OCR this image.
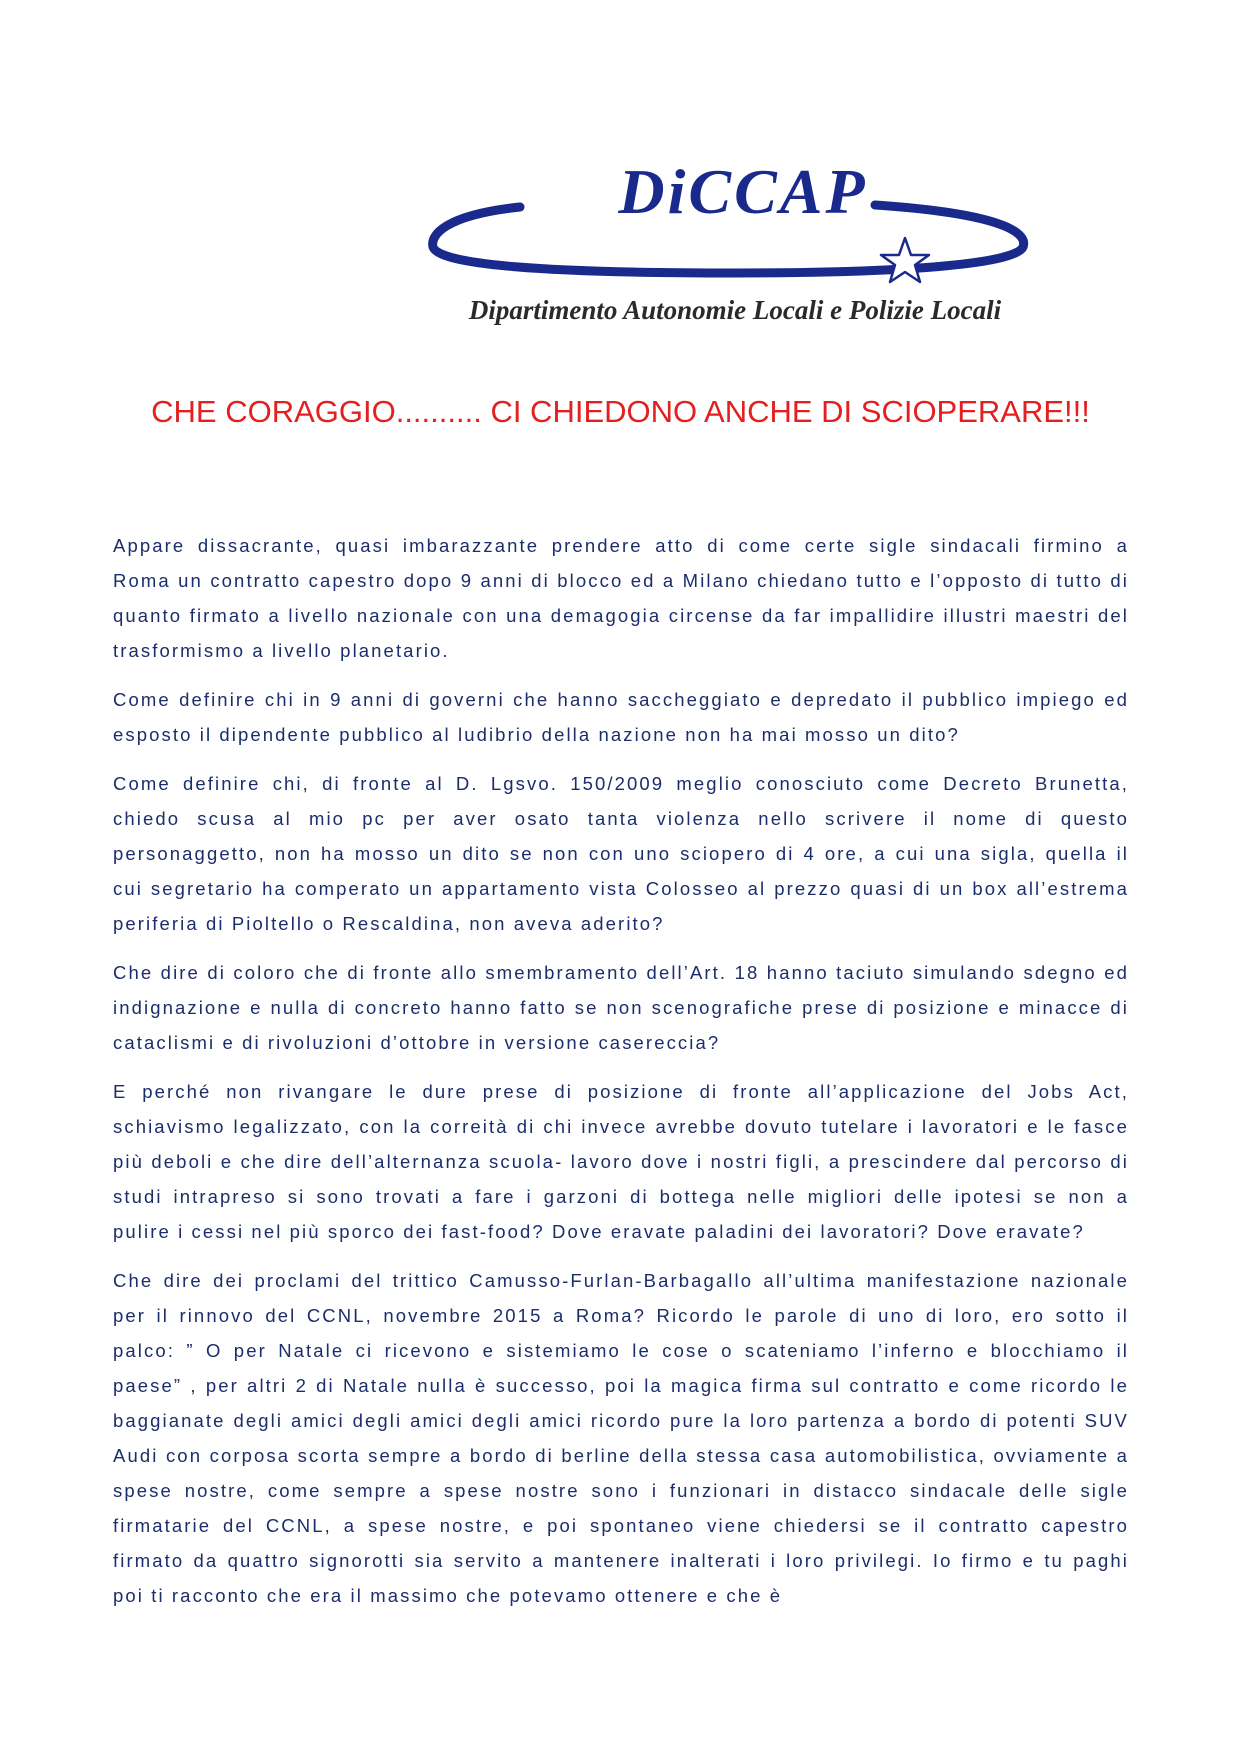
DiCCAP
Dipartimento Autonomie Locali e Polizie Locali
CHE CORAGGIO.......... CI CHIEDONO ANCHE DI SCIOPERARE!!!

Appare dissacrante, quasi imbarazzante prendere atto di come certe sigle sindacali firmino a Roma un contratto capestro dopo 9 anni di blocco ed a Milano chiedano tutto e l’opposto di tutto di quanto firmato a livello nazionale con una demagogia circense da far impallidire illustri maestri del trasformismo a livello planetario.

Come definire chi in 9 anni di governi che hanno saccheggiato e depredato il pubblico impiego ed esposto il dipendente pubblico al ludibrio della nazione non ha mai mosso un dito?

Come definire chi, di fronte al D. Lgsvo. 150/2009 meglio conosciuto come Decreto Brunetta, chiedo scusa al mio pc per aver osato tanta violenza nello scrivere il nome di questo personaggetto, non ha mosso un dito se non con uno sciopero di 4 ore, a cui una sigla, quella il cui segretario ha comperato un appartamento vista Colosseo al prezzo quasi di un box all’estrema periferia di Pioltello o Rescaldina, non aveva aderito?

Che dire di coloro che di fronte allo smembramento dell’Art. 18 hanno taciuto simulando sdegno ed indignazione e nulla di concreto hanno fatto se non scenografiche prese di posizione e minacce di cataclismi e di rivoluzioni d’ottobre in versione casereccia?

E perché non rivangare le dure prese di posizione di fronte all’applicazione del Jobs Act, schiavismo legalizzato, con la correità di chi invece avrebbe dovuto tutelare i lavoratori e le fasce più deboli e che dire dell’alternanza scuola- lavoro dove i nostri figli, a prescindere dal percorso di studi intrapreso si sono trovati a fare i garzoni di bottega nelle migliori delle ipotesi se non a pulire i cessi nel più sporco dei fast-food? Dove eravate paladini dei lavoratori? Dove eravate?

Che dire dei proclami del trittico Camusso-Furlan-Barbagallo all’ultima manifestazione nazionale per il rinnovo del CCNL, novembre 2015 a Roma? Ricordo le parole di uno di loro, ero sotto il palco: ” O per Natale ci ricevono e sistemiamo le cose o scateniamo l’inferno e blocchiamo il paese” , per altri 2 di Natale nulla è successo, poi la magica firma sul contratto e come ricordo le baggianate degli amici degli amici degli amici ricordo pure la loro partenza a bordo di potenti SUV Audi con corposa scorta sempre a bordo di berline della stessa casa automobilistica, ovviamente a spese nostre, come sempre a spese nostre sono i funzionari in distacco sindacale delle sigle firmatarie del CCNL, a spese nostre, e poi spontaneo viene chiedersi se il contratto capestro firmato da quattro signorotti sia servito a mantenere inalterati i loro privilegi. Io firmo e tu paghi poi ti racconto che era il massimo che potevamo ottenere e che è
